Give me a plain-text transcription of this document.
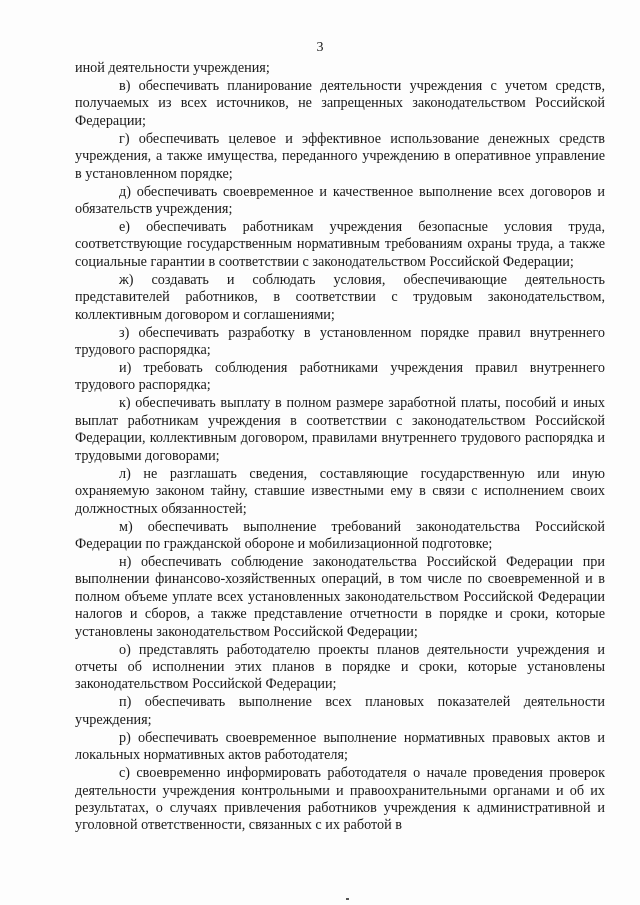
3

иной деятельности учреждения;

в) обеспечивать планирование деятельности учреждения с учетом средств, получаемых из всех источников, не запрещенных законодательством Российской Федерации;

г) обеспечивать целевое и эффективное использование денежных средств учреждения, а также имущества, переданного учреждению в оперативное управление в установленном порядке;

д) обеспечивать своевременное и качественное выполнение всех договоров и обязательств учреждения;

е) обеспечивать работникам учреждения безопасные условия труда, соответствующие государственным нормативным требованиям охраны труда, а также социальные гарантии в соответствии с законодательством Российской Федерации;

ж) создавать и соблюдать условия, обеспечивающие деятельность представителей работников, в соответствии с трудовым законодательством, коллективным договором и соглашениями;

з) обеспечивать разработку в установленном порядке правил внутреннего трудового распорядка;

и) требовать соблюдения работниками учреждения правил внутреннего трудового распорядка;

к) обеспечивать выплату в полном размере заработной платы, пособий и иных выплат работникам учреждения в соответствии с законодательством Российской Федерации, коллективным договором, правилами внутреннего трудового распорядка и трудовыми договорами;

л) не разглашать сведения, составляющие государственную или иную охраняемую законом тайну, ставшие известными ему в связи с исполнением своих должностных обязанностей;

м) обеспечивать выполнение требований законодательства Российской Федерации по гражданской обороне и мобилизационной подготовке;

н) обеспечивать соблюдение законодательства Российской Федерации при выполнении финансово-хозяйственных операций, в том числе по своевременной и в полном объеме уплате всех установленных законодательством Российской Федерации налогов и сборов, а также представление отчетности в порядке и сроки, которые установлены законодательством Российской Федерации;

о) представлять работодателю проекты планов деятельности учреждения и отчеты об исполнении этих планов в порядке и сроки, которые установлены законодательством Российской Федерации;

п) обеспечивать выполнение всех плановых показателей деятельности учреждения;

р) обеспечивать своевременное выполнение нормативных правовых актов и локальных нормативных актов работодателя;

с) своевременно информировать работодателя о начале проведения проверок деятельности учреждения контрольными и правоохранительными органами и об их результатах, о случаях привлечения работников учреждения к административной и уголовной ответственности, связанных с их работой в
